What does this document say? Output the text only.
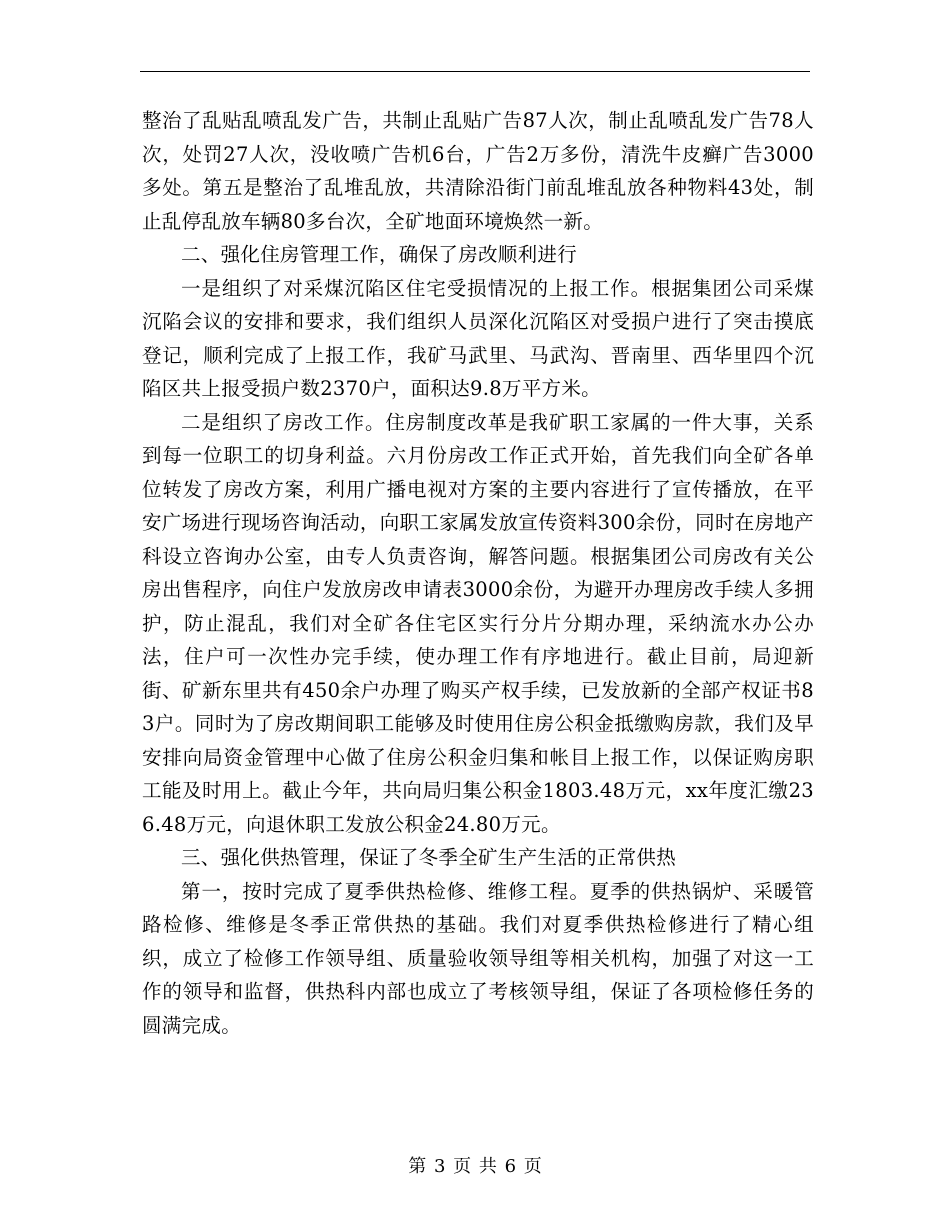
整治了乱贴乱喷乱发广告，共制止乱贴广告87人次，制止乱喷乱发广告78人次，处罚27人次，没收喷广告机6台，广告2万多份，清洗牛皮癣广告3000多处。第五是整治了乱堆乱放，共清除沿街门前乱堆乱放各种物料43处，制止乱停乱放车辆80多台次，全矿地面环境焕然一新。

二、强化住房管理工作，确保了房改顺利进行

一是组织了对采煤沉陷区住宅受损情况的上报工作。根据集团公司采煤沉陷会议的安排和要求，我们组织人员深化沉陷区对受损户进行了突击摸底登记，顺利完成了上报工作，我矿马武里、马武沟、晋南里、西华里四个沉陷区共上报受损户数2370户，面积达9.8万平方米。

二是组织了房改工作。住房制度改革是我矿职工家属的一件大事，关系到每一位职工的切身利益。六月份房改工作正式开始，首先我们向全矿各单位转发了房改方案，利用广播电视对方案的主要内容进行了宣传播放，在平安广场进行现场咨询活动，向职工家属发放宣传资料300余份，同时在房地产科设立咨询办公室，由专人负责咨询，解答问题。根据集团公司房改有关公房出售程序，向住户发放房改申请表3000余份，为避开办理房改手续人多拥护，防止混乱，我们对全矿各住宅区实行分片分期办理，采纳流水办公办法，住户可一次性办完手续，使办理工作有序地进行。截止目前，局迎新街、矿新东里共有450余户办理了购买产权手续，已发放新的全部产权证书83户。同时为了房改期间职工能够及时使用住房公积金抵缴购房款，我们及早安排向局资金管理中心做了住房公积金归集和帐目上报工作，以保证购房职工能及时用上。截止今年，共向局归集公积金1803.48万元，xx年度汇缴236.48万元，向退休职工发放公积金24.80万元。

三、强化供热管理，保证了冬季全矿生产生活的正常供热

第一，按时完成了夏季供热检修、维修工程。夏季的供热锅炉、采暖管路检修、维修是冬季正常供热的基础。我们对夏季供热检修进行了精心组织，成立了检修工作领导组、质量验收领导组等相关机构，加强了对这一工作的领导和监督，供热科内部也成立了考核领导组，保证了各项检修任务的圆满完成。

第 3 页 共 6 页
